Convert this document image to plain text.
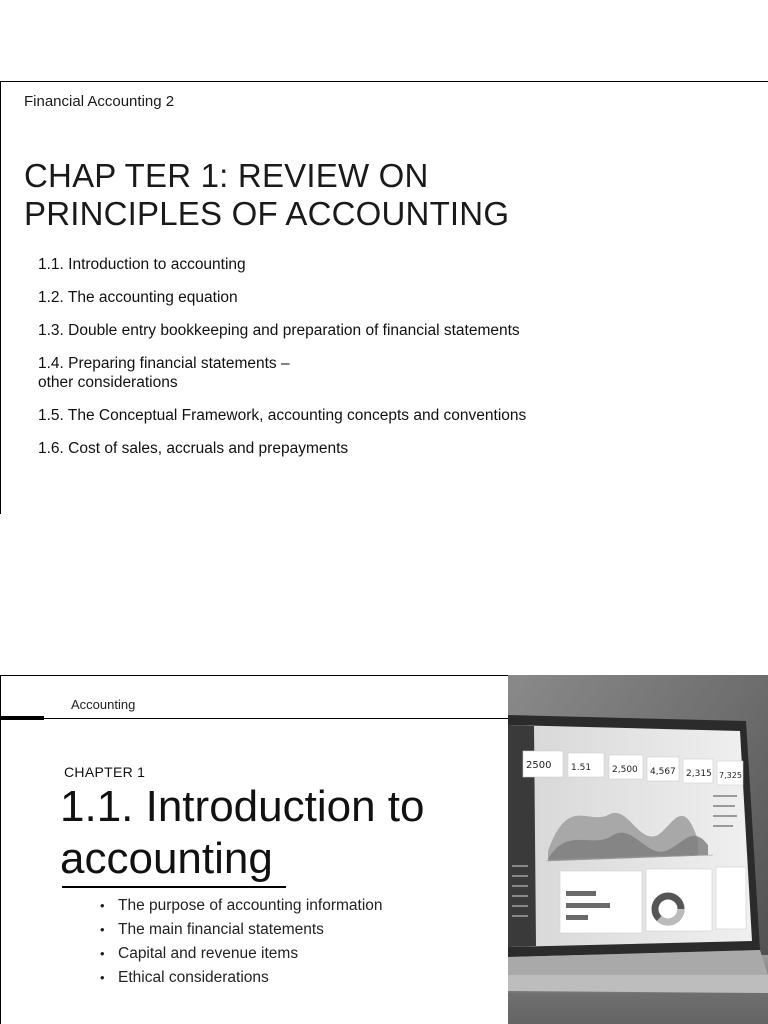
Financial Accounting 2
CHAP TER 1: REVIEW ON
PRINCIPLES OF ACCOUNTING
1.1. Introduction to accounting
1.2. The accounting equation
1.3. Double entry bookkeeping and preparation of financial statements
1.4. Preparing financial statements –
other considerations
1.5. The Conceptual Framework, accounting concepts and conventions
1.6. Cost of sales, accruals and prepayments
Accounting
CHAPTER 1
1.1. Introduction to
accounting
• The purpose of accounting information
• The main financial statements
• Capital and revenue items
• Ethical considerations
2500 1.51 2,500 4,567 2,315 7,325
